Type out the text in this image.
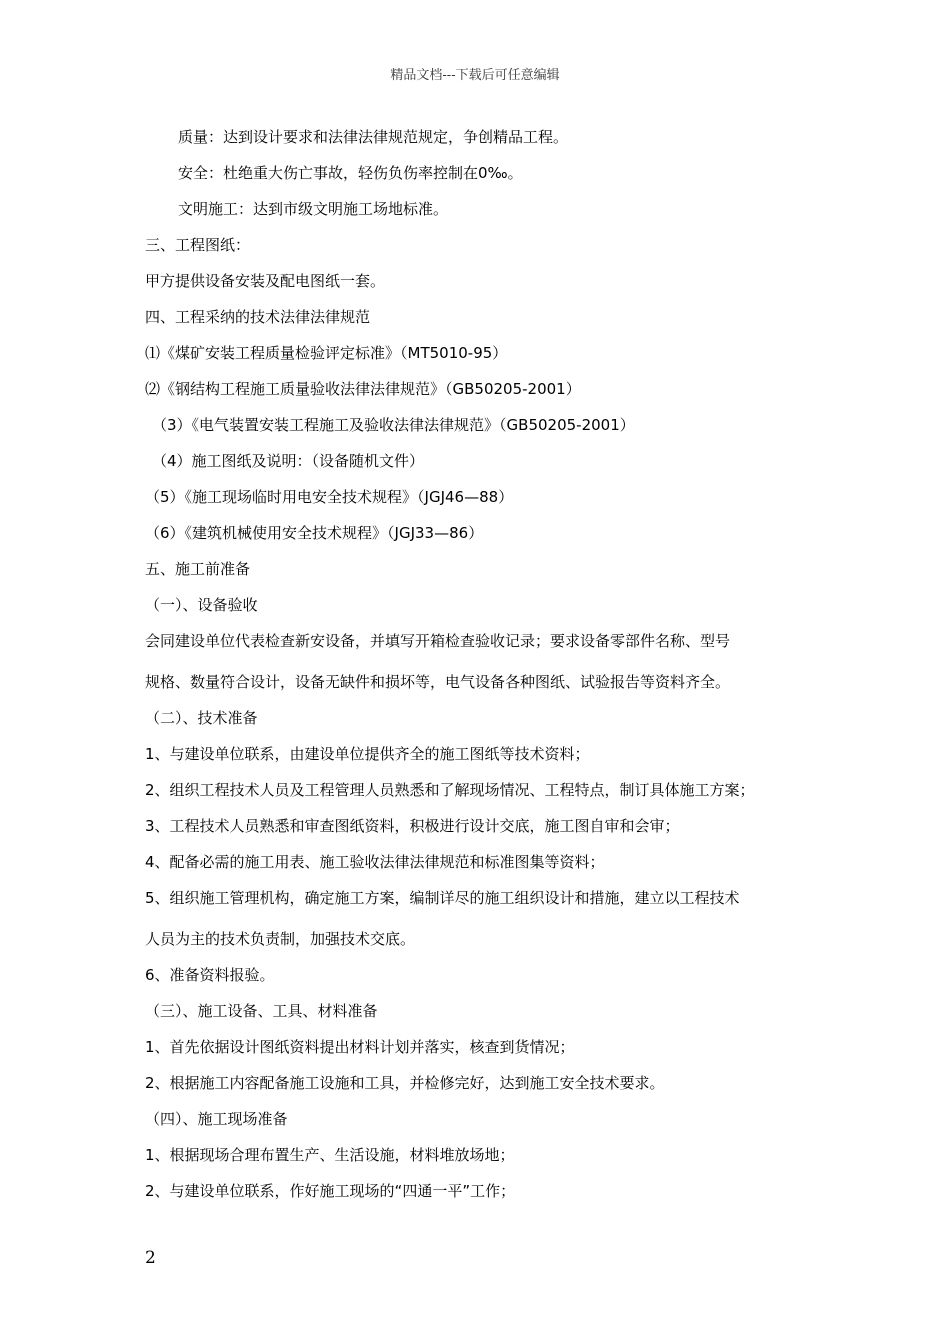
精品文档---下载后可任意编辑
质量：达到设计要求和法律法律规范规定，争创精品工程。
安全：杜绝重大伤亡事故，轻伤负伤率控制在0‰。
文明施工：达到市级文明施工场地标准。
三、工程图纸：
甲方提供设备安装及配电图纸一套。
四、工程采纳的技术法律法律规范
⑴《煤矿安装工程质量检验评定标准》（MT5010-95）
⑵《钢结构工程施工质量验收法律法律规范》（GB50205-2001）
（3）《电气装置安装工程施工及验收法律法律规范》（GB50205-2001）
（4）施工图纸及说明：（设备随机文件）
（5）《施工现场临时用电安全技术规程》（JGJ46—88）
（6）《建筑机械使用安全技术规程》（JGJ33—86）
五、施工前准备
（一）、设备验收
会同建设单位代表检查新安设备，并填写开箱检查验收记录；要求设备零部件名称、型号
规格、数量符合设计，设备无缺件和损坏等，电气设备各种图纸、试验报告等资料齐全。
（二）、技术准备
1、与建设单位联系，由建设单位提供齐全的施工图纸等技术资料；
2、组织工程技术人员及工程管理人员熟悉和了解现场情况、工程特点，制订具体施工方案；
3、工程技术人员熟悉和审查图纸资料，积极进行设计交底，施工图自审和会审；
4、配备必需的施工用表、施工验收法律法律规范和标准图集等资料；
5、组织施工管理机构，确定施工方案，编制详尽的施工组织设计和措施，建立以工程技术
人员为主的技术负责制，加强技术交底。
6、准备资料报验。
（三）、施工设备、工具、材料准备
1、首先依据设计图纸资料提出材料计划并落实，核查到货情况；
2、根据施工内容配备施工设施和工具，并检修完好，达到施工安全技术要求。
（四）、施工现场准备
1、根据现场合理布置生产、生活设施，材料堆放场地；
2、与建设单位联系，作好施工现场的“四通一平”工作；
2
